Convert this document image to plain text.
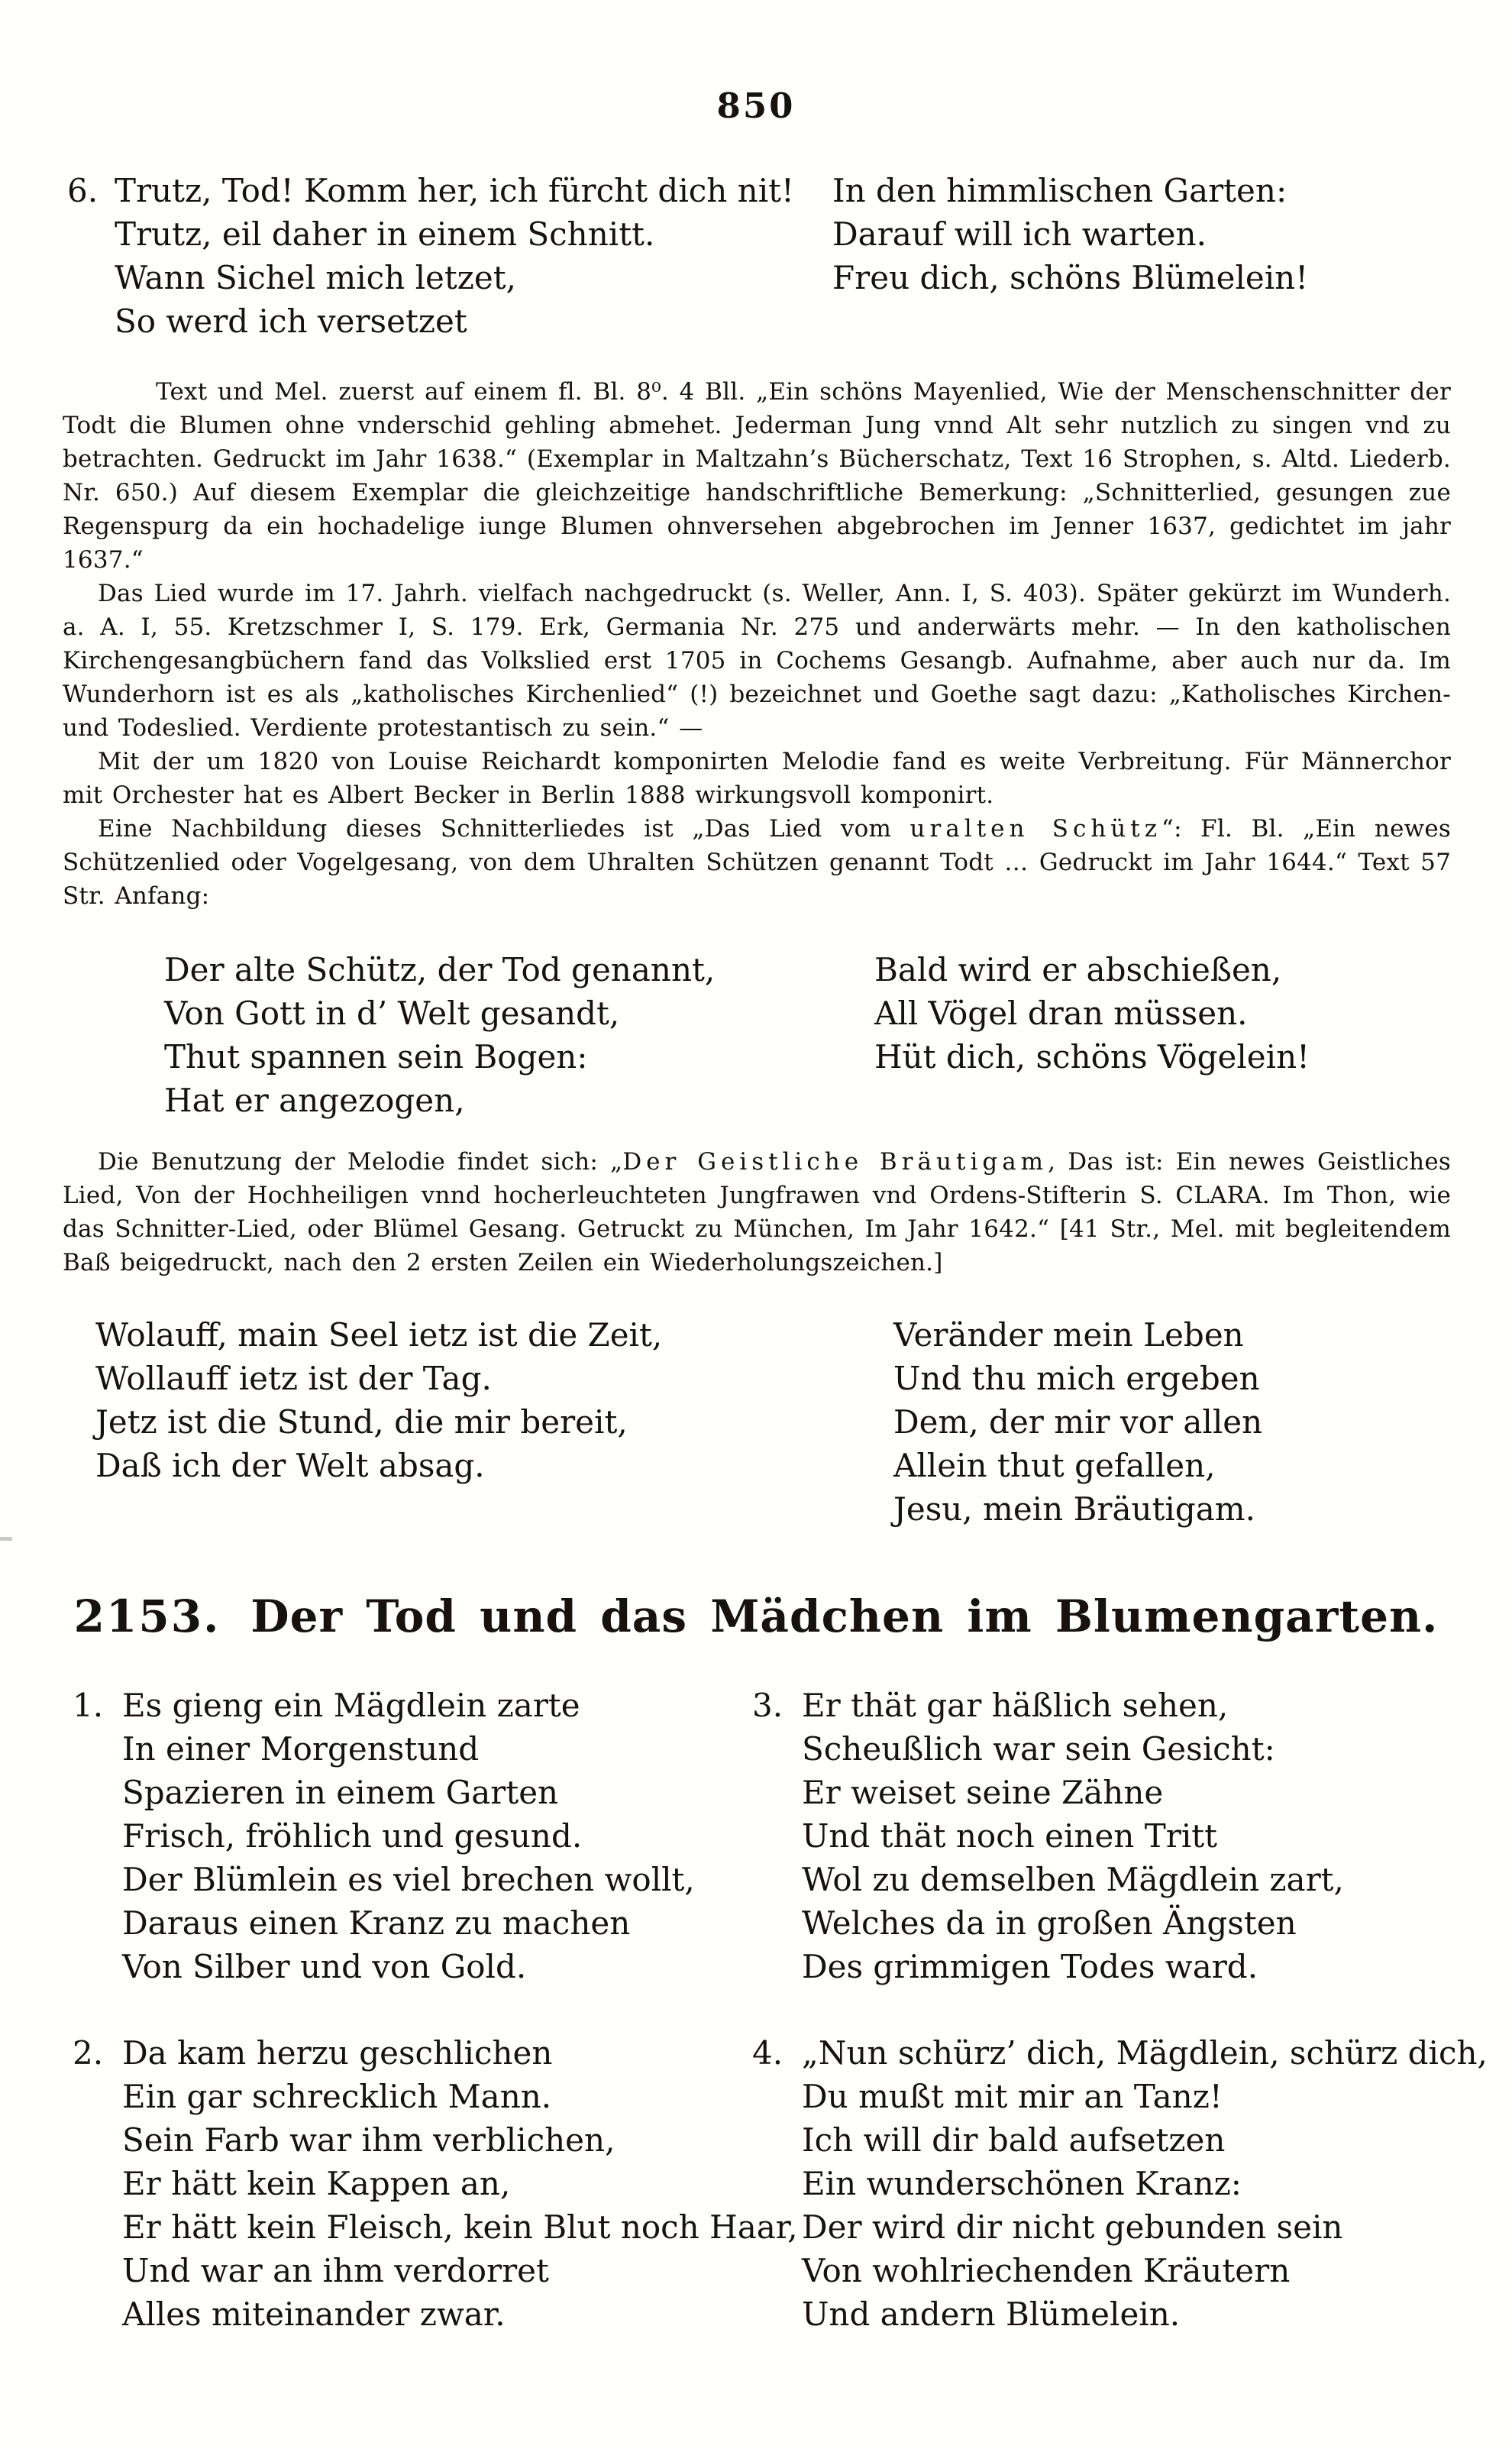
850
6. Trutz, Tod! Komm her, ich fürcht dich nit!
Trutz, eil daher in einem Schnitt.
Wann Sichel mich letzet,
So werd ich versetzet
In den himmlischen Garten:
Darauf will ich warten.
Freu dich, schöns Blümelein!

Text und Mel. zuerst auf einem fl. Bl. 8⁰. 4 Bll. „Ein schöns Mayenlied, Wie der Menschenschnitter der Todt die Blumen ohne vnderschid gehling abmehet. Jederman Jung vnnd Alt sehr nutzlich zu singen vnd zu betrachten. Gedruckt im Jahr 1638.“ (Exemplar in Maltzahn’s Bücherschatz, Text 16 Strophen, s. Altd. Liederb. Nr. 650.) Auf diesem Exemplar die gleichzeitige handschriftliche Bemerkung: „Schnitterlied, gesungen zue Regenspurg da ein hochadelige iunge Blumen ohnversehen abgebrochen im Jenner 1637, gedichtet im jahr 1637.“

Das Lied wurde im 17. Jahrh. vielfach nachgedruckt (s. Weller, Ann. I, S. 403). Später gekürzt im Wunderh. a. A. I, 55. Kretzschmer I, S. 179. Erk, Germania Nr. 275 und anderwärts mehr. — In den katholischen Kirchengesangbüchern fand das Volkslied erst 1705 in Cochems Gesangb. Aufnahme, aber auch nur da. Im Wunderhorn ist es als „katholisches Kirchenlied“ (!) bezeichnet und Goethe sagt dazu: „Katholisches Kirchen- und Todeslied. Verdiente protestantisch zu sein.“ —

Mit der um 1820 von Louise Reichardt komponirten Melodie fand es weite Verbreitung. Für Männerchor mit Orchester hat es Albert Becker in Berlin 1888 wirkungsvoll komponirt.

Eine Nachbildung dieses Schnitterliedes ist „Das Lied vom uralten Schütz“: Fl. Bl. „Ein newes Schützenlied oder Vogelgesang, von dem Uhralten Schützen genannt Todt … Gedruckt im Jahr 1644.“ Text 57 Str. Anfang:

Der alte Schütz, der Tod genannt,
Von Gott in d’ Welt gesandt,
Thut spannen sein Bogen:
Hat er angezogen,
Bald wird er abschießen,
All Vögel dran müssen.
Hüt dich, schöns Vögelein!

Die Benutzung der Melodie findet sich: „Der Geistliche Bräutigam, Das ist: Ein newes Geistliches Lied, Von der Hochheiligen vnnd hocherleuchteten Jungfrawen vnd Ordens-Stifterin S. CLARA. Im Thon, wie das Schnitter-Lied, oder Blümel Gesang. Getruckt zu München, Im Jahr 1642.“ [41 Str., Mel. mit begleitendem Baß beigedruckt, nach den 2 ersten Zeilen ein Wiederholungszeichen.]

Wolauff, main Seel ietz ist die Zeit,
Wollauff ietz ist der Tag.
Jetz ist die Stund, die mir bereit,
Daß ich der Welt absag.
Veränder mein Leben
Und thu mich ergeben
Dem, der mir vor allen
Allein thut gefallen,
Jesu, mein Bräutigam.
2153. Der Tod und das Mädchen im Blumengarten.
1. Es gieng ein Mägdlein zarte
In einer Morgenstund
Spazieren in einem Garten
Frisch, fröhlich und gesund.
Der Blümlein es viel brechen wollt,
Daraus einen Kranz zu machen
Von Silber und von Gold.
2. Da kam herzu geschlichen
Ein gar schrecklich Mann.
Sein Farb war ihm verblichen,
Er hätt kein Kappen an,
Er hätt kein Fleisch, kein Blut noch Haar,
Und war an ihm verdorret
Alles miteinander zwar.
3. Er thät gar häßlich sehen,
Scheußlich war sein Gesicht:
Er weiset seine Zähne
Und thät noch einen Tritt
Wol zu demselben Mägdlein zart,
Welches da in großen Ängsten
Des grimmigen Todes ward.
4. „Nun schürz’ dich, Mägdlein, schürz dich,
Du mußt mit mir an Tanz!
Ich will dir bald aufsetzen
Ein wunderschönen Kranz:
Der wird dir nicht gebunden sein
Von wohlriechenden Kräutern
Und andern Blümelein.
